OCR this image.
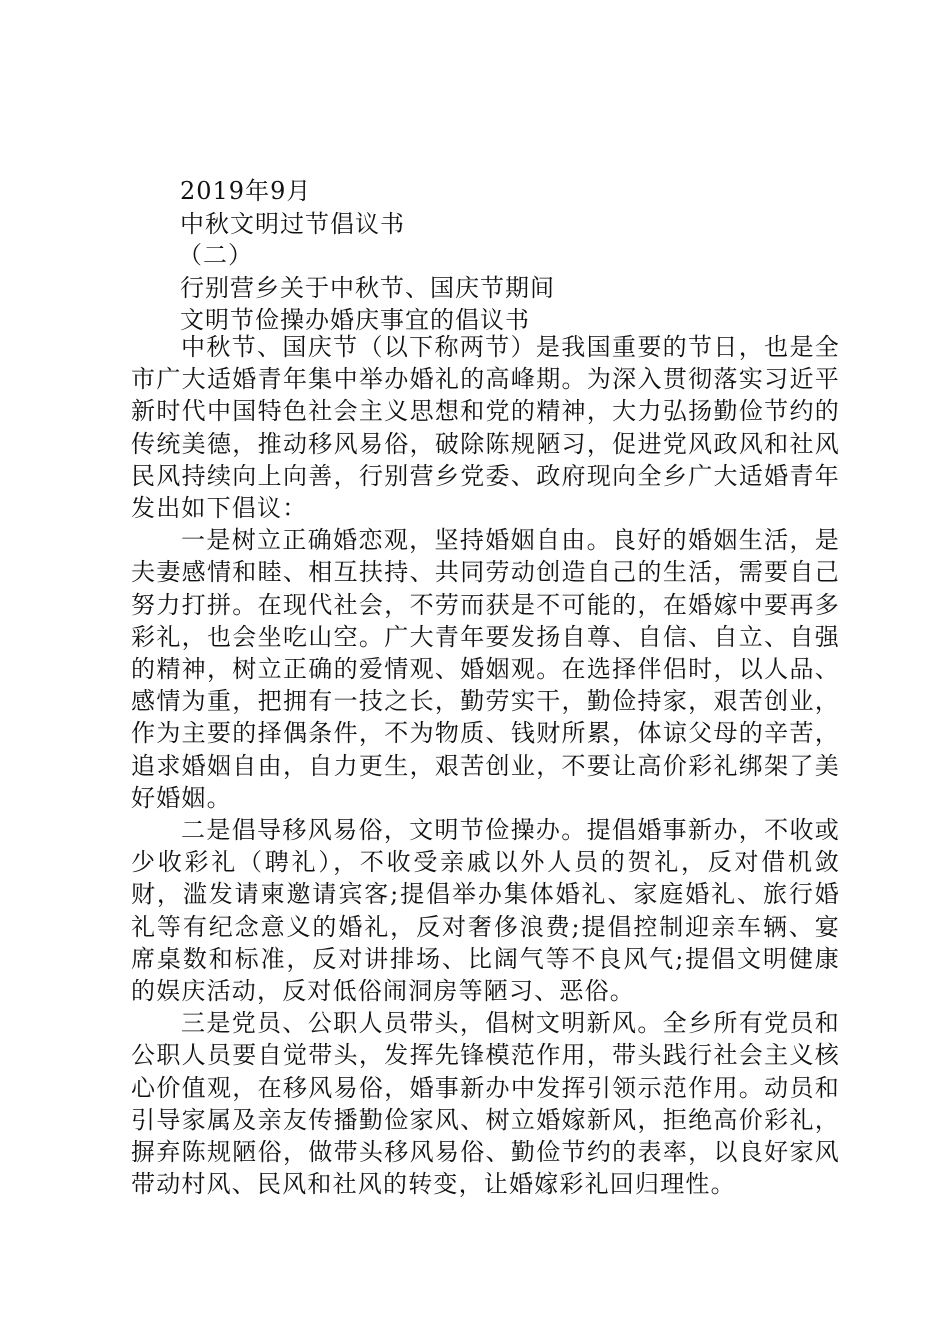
2019年9月
中秋文明过节倡议书
（二）
行别营乡关于中秋节、国庆节期间
文明节俭操办婚庆事宜的倡议书

中秋节、国庆节（以下称两节）是我国重要的节日，也是全市广大适婚青年集中举办婚礼的高峰期。为深入贯彻落实习近平新时代中国特色社会主义思想和党的精神，大力弘扬勤俭节约的传统美德，推动移风易俗，破除陈规陋习，促进党风政风和社风民风持续向上向善，行别营乡党委、政府现向全乡广大适婚青年发出如下倡议：

一是树立正确婚恋观，坚持婚姻自由。良好的婚姻生活，是夫妻感情和睦、相互扶持、共同劳动创造自己的生活，需要自己努力打拼。在现代社会，不劳而获是不可能的，在婚嫁中要再多彩礼，也会坐吃山空。广大青年要发扬自尊、自信、自立、自强的精神，树立正确的爱情观、婚姻观。在选择伴侣时，以人品、感情为重，把拥有一技之长，勤劳实干，勤俭持家，艰苦创业，作为主要的择偶条件，不为物质、钱财所累，体谅父母的辛苦，追求婚姻自由，自力更生，艰苦创业，不要让高价彩礼绑架了美好婚姻。

二是倡导移风易俗，文明节俭操办。提倡婚事新办，不收或少收彩礼（聘礼），不收受亲戚以外人员的贺礼，反对借机敛财，滥发请柬邀请宾客;提倡举办集体婚礼、家庭婚礼、旅行婚礼等有纪念意义的婚礼，反对奢侈浪费;提倡控制迎亲车辆、宴席桌数和标准，反对讲排场、比阔气等不良风气;提倡文明健康的娱庆活动，反对低俗闹洞房等陋习、恶俗。

三是党员、公职人员带头，倡树文明新风。全乡所有党员和公职人员要自觉带头，发挥先锋模范作用，带头践行社会主义核心价值观，在移风易俗，婚事新办中发挥引领示范作用。动员和引导家属及亲友传播勤俭家风、树立婚嫁新风，拒绝高价彩礼，摒弃陈规陋俗，做带头移风易俗、勤俭节约的表率，以良好家风带动村风、民风和社风的转变，让婚嫁彩礼回归理性。
